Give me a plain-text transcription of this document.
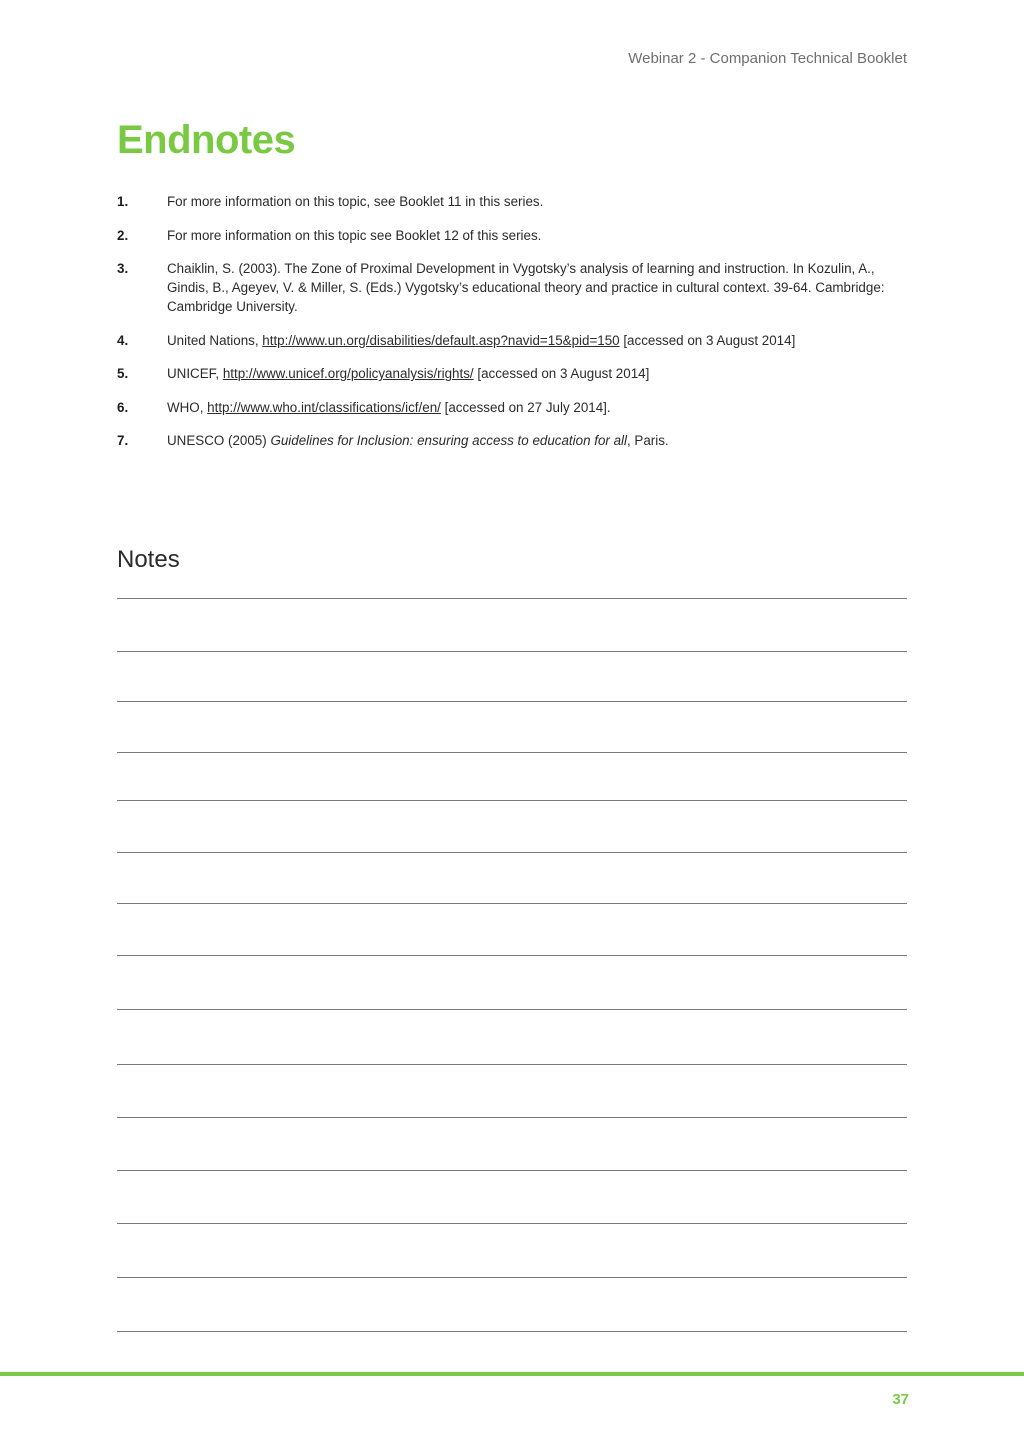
Webinar 2 - Companion Technical Booklet
Endnotes
1.	For more information on this topic, see Booklet 11 in this series.
2.	For more information on this topic see Booklet 12 of this series.
3.	Chaiklin, S. (2003). The Zone of Proximal Development in Vygotsky’s analysis of learning and instruction. In Kozulin, A., Gindis, B., Ageyev, V. & Miller, S. (Eds.) Vygotsky’s educational theory and practice in cultural context. 39-64. Cambridge: Cambridge University.
4.	United Nations, http://www.un.org/disabilities/default.asp?navid=15&pid=150 [accessed on 3 August 2014]
5.	UNICEF, http://www.unicef.org/policyanalysis/rights/ [accessed on 3 August 2014]
6.	WHO, http://www.who.int/classifications/icf/en/ [accessed on 27 July 2014].
7.	UNESCO (2005) Guidelines for Inclusion: ensuring access to education for all, Paris.
Notes
37
